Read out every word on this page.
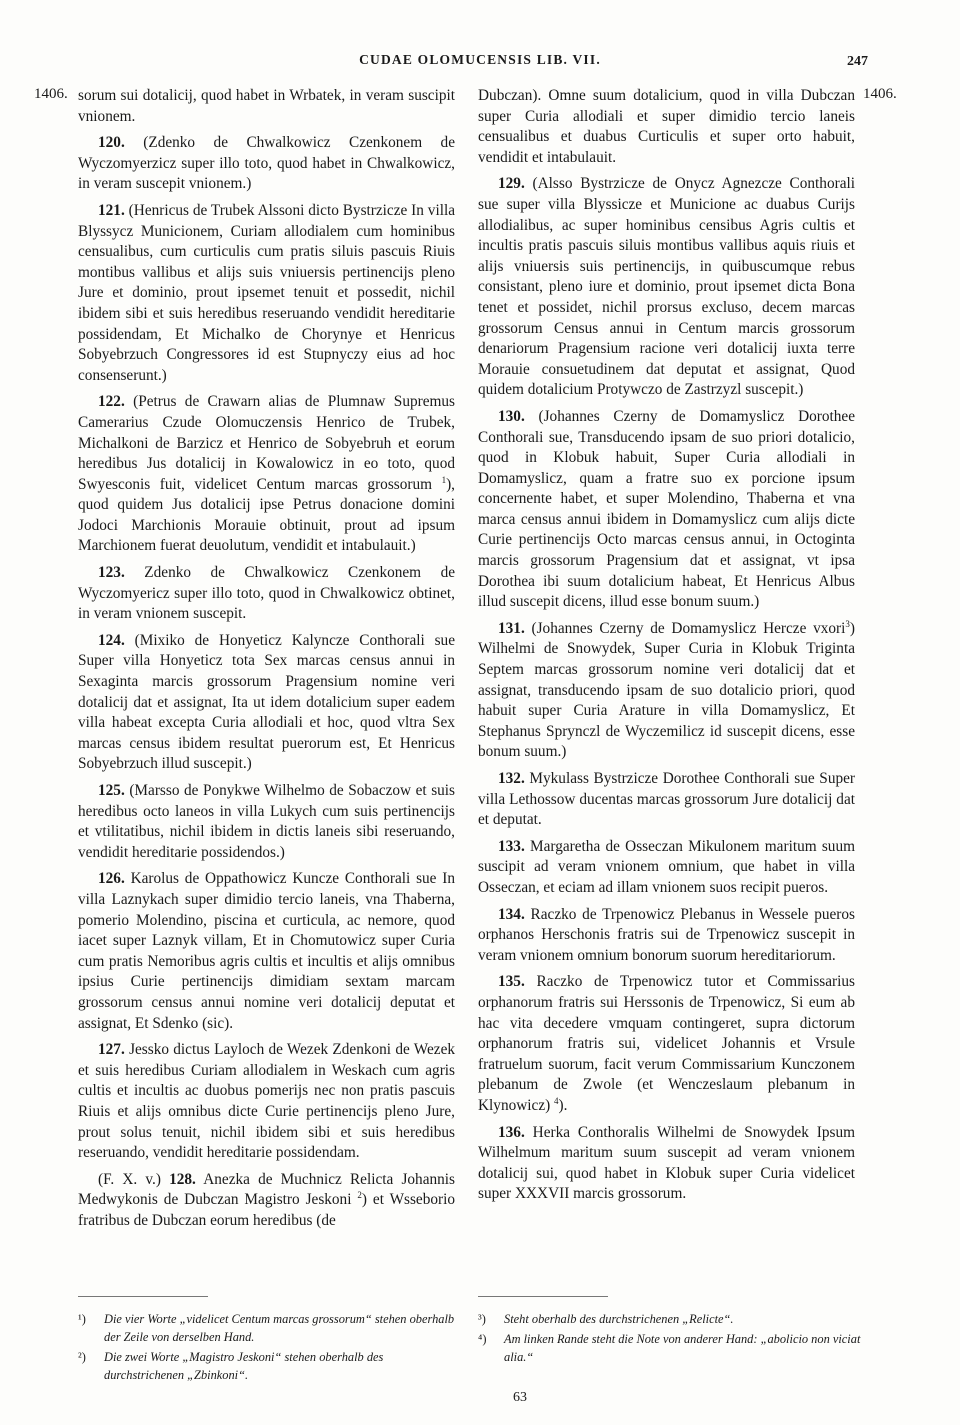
CUDAE OLOMUCENSIS LIB. VII.	247
1406.	1406.

sorum sui dotalicij, quod habet in Wrbatek, in veram suscipit vnionem.

120. (Zdenko de Chwalkowicz Czenkonem de Wyczomyerzicz super illo toto, quod habet in Chwalkowicz, in veram suscepit vnionem.)

121. (Henricus de Trubek Alssoni dicto Bystrzicze In villa Blyssycz Municionem, Curiam allodialem cum hominibus censualibus, cum curticulis cum pratis siluis pascuis Riuis montibus vallibus et alijs suis vniuersis pertinencijs pleno Jure et dominio, prout ipsemet tenuit et possedit, nichil ibidem sibi et suis heredibus reseruando vendidit hereditarie possidendam, Et Michalko de Chorynye et Henricus Sobyebrzuch Congressores id est Stupnyczy eius ad hoc consenserunt.)

122. (Petrus de Crawarn alias de Plumnaw Supremus Camerarius Czude Olomuczensis Henrico de Trubek, Michalkoni de Barzicz et Henrico de Sobyebruh et eorum heredibus Jus dotalicij in Kowalowicz in eo toto, quod Swyesconis fuit, videlicet Centum marcas grossorum $^1$), quod quidem Jus dotalicij ipse Petrus donacione domini Jodoci Marchionis Morauie obtinuit, prout ad ipsum Marchionem fuerat deuolutum, vendidit et intabulauit.)

123. Zdenko de Chwalkowicz Czenkonem de Wyczomyericz super illo toto, quod in Chwalkowicz obtinet, in veram vnionem suscepit.

124. (Mixiko de Honyeticz Kalyncze Conthorali sue Super villa Honyeticz tota Sex marcas census annui in Sexaginta marcis grossorum Pragensium nomine veri dotalicij dat et assignat, Ita ut idem dotalicium super eadem villa habeat excepta Curia allodiali et hoc, quod vltra Sex marcas census ibidem resultat puerorum est, Et Henricus Sobyebrzuch illud suscepit.)

125. (Marsso de Ponykwe Wilhelmo de Sobaczow et suis heredibus octo laneos in villa Lukych cum suis pertinencijs et vtilitatibus, nichil ibidem in dictis laneis sibi reseruando, vendidit hereditarie possidendos.)

126. Karolus de Oppathowicz Kuncze Conthorali sue In villa Laznykach super dimidio tercio laneis, vna Thaberna, pomerio Molendino, piscina et curticula, ac nemore, quod iacet super Laznyk villam, Et in Chomutowicz super Curia cum pratis Nemoribus agris cultis et incultis et alijs omnibus ipsius Curie pertinencijs dimidiam sextam marcam grossorum census annui nomine veri dotalicij deputat et assignat, Et Sdenko (sic).

127. Jessko dictus Layloch de Wezek Zdenkoni de Wezek et suis heredibus Curiam allodialem in Weskach cum agris cultis et incultis ac duobus pomerijs nec non pratis pascuis Riuis et alijs omnibus dicte Curie pertinencijs pleno Jure, prout solus tenuit, nichil ibidem sibi et suis heredibus reseruando, vendidit hereditarie possidendam.

(F. X. v.) 128. Anezka de Muchnicz Relicta Johannis Medwykonis de Dubczan Magistro Jeskoni $^2$) et Wsseborio fratribus de Dubczan eorum heredibus (de

Dubczan). Omne suum dotalicium, quod in villa Dubczan super Curia allodiali et super dimidio tercio laneis censualibus et duabus Curticulis et super orto habuit, vendidit et intabulauit.

129. (Alsso Bystrzicze de Onycz Agnezcze Conthorali sue super villa Blyssicze et Municione ac duabus Curijs allodialibus, ac super hominibus censibus Agris cultis et incultis pratis pascuis siluis montibus vallibus aquis riuis et alijs vniuersis suis pertinencijs, in quibuscumque rebus consistant, pleno iure et dominio, prout ipsemet dicta Bona tenet et possidet, nichil prorsus excluso, decem marcas grossorum Census annui in Centum marcis grossorum denariorum Pragensium racione veri dotalicij iuxta terre Morauie consuetudinem dat deputat et assignat, Quod quidem dotalicium Protywczo de Zastrzyzl suscepit.)

130. (Johannes Czerny de Domamyslicz Dorothee Conthorali sue, Transducendo ipsam de suo priori dotalicio, quod in Klobuk habuit, Super Curia allodiali in Domamyslicz, quam a fratre suo ex porcione ipsum concernente habet, et super Molendino, Thaberna et vna marca census annui ibidem in Domamyslicz cum alijs dicte Curie pertinencijs Octo marcas census annui, in Octoginta marcis grossorum Pragensium dat et assignat, vt ipsa Dorothea ibi suum dotalicium habeat, Et Henricus Albus illud suscepit dicens, illud esse bonum suum.)

131. (Johannes Czerny de Domamyslicz Hercze vxori$^3$) Wilhelmi de Snowydek, Super Curia in Klobuk Triginta Septem marcas grossorum nomine veri dotalicij dat et assignat, transducendo ipsam de suo dotalicio priori, quod habuit super Curia Arature in villa Domamyslicz, Et Stephanus Sprynczl de Wyczemilicz id suscepit dicens, esse bonum suum.)

132. Mykulass Bystrzicze Dorothee Conthorali sue Super villa Lethossow ducentas marcas grossorum Jure dotalicij dat et deputat.

133. Margaretha de Osseczan Mikulonem maritum suum suscipit ad veram vnionem omnium, que habet in villa Osseczan, et eciam ad illam vnionem suos recipit pueros.

134. Raczko de Trpenowicz Plebanus in Wessele pueros orphanos Herschonis fratris sui de Trpenowicz suscepit in veram vnionem omnium bonorum suorum hereditariorum.

135. Raczko de Trpenowicz tutor et Commissarius orphanorum fratris sui Herssonis de Trpenowicz, Si eum ab hac vita decedere vmquam contingeret, supra dictorum orphanorum fratris sui, videlicet Johannis et Vrsule fratruelum suorum, facit verum Commissarium Kunczonem plebanum de Zwole (et Wenczeslaum plebanum in Klynowicz) $^4$).

136. Herka Conthoralis Wilhelmi de Snowydek Ipsum Wilhelmum maritum suum suscepit ad veram vnionem dotalicij sui, quod habet in Klobuk super Curia videlicet super XXXVII marcis grossorum.

¹)	Die vier Worte „videlicet Centum marcas grossorum“ stehen oberhalb der Zeile von derselben Hand.
²)	Die zwei Worte „Magistro Jeskoni“ stehen oberhalb des durchstrichenen „Zbinkoni“.
³)	Steht oberhalb des durchstrichenen „Relicte“.
⁴)	Am linken Rande steht die Note von anderer Hand: „abolicio non viciat alia.“
63
